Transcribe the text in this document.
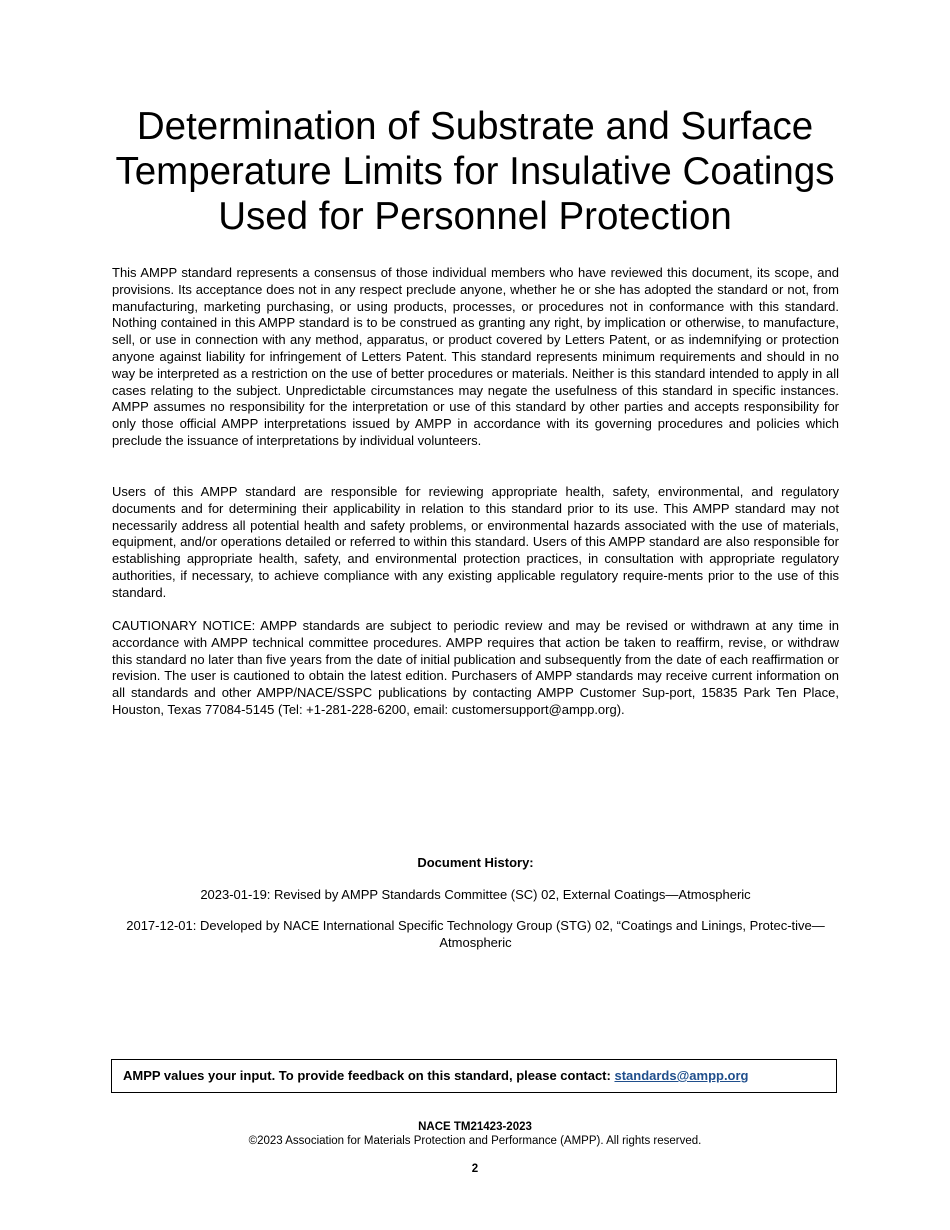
Determination of Substrate and Surface
Temperature Limits for Insulative Coatings
Used for Personnel Protection

This AMPP standard represents a consensus of those individual members who have reviewed this document, its scope, and provisions. Its acceptance does not in any respect preclude anyone, whether he or she has adopted the standard or not, from manufacturing, marketing purchasing, or using products, processes, or procedures not in conformance with this standard. Nothing contained in this AMPP standard is to be construed as granting any right, by implication or otherwise, to manufacture, sell, or use in connection with any method, apparatus, or product covered by Letters Patent, or as indemnifying or protection anyone against liability for infringement of Letters Patent. This standard represents minimum requirements and should in no way be interpreted as a restriction on the use of better procedures or materials. Neither is this standard intended to apply in all cases relating to the subject. Unpredictable circumstances may negate the usefulness of this standard in specific instances. AMPP assumes no responsibility for the interpretation or use of this standard by other parties and accepts responsibility for only those official AMPP interpretations issued by AMPP in accordance with its governing procedures and policies which preclude the issuance of interpretations by individual volunteers.

Users of this AMPP standard are responsible for reviewing appropriate health, safety, environmental, and regulatory documents and for determining their applicability in relation to this standard prior to its use. This AMPP standard may not necessarily address all potential health and safety problems, or environmental hazards associated with the use of materials, equipment, and/or operations detailed or referred to within this standard. Users of this AMPP standard are also responsible for establishing appropriate health, safety, and environmental protection practices, in consultation with appropriate regulatory authorities, if necessary, to achieve compliance with any existing applicable regulatory require-ments prior to the use of this standard.

CAUTIONARY NOTICE: AMPP standards are subject to periodic review and may be revised or withdrawn at any time in accordance with AMPP technical committee procedures. AMPP requires that action be taken to reaffirm, revise, or withdraw this standard no later than five years from the date of initial publication and subsequently from the date of each reaffirmation or revision. The user is cautioned to obtain the latest edition. Purchasers of AMPP standards may receive current information on all standards and other AMPP/NACE/SSPC publications by contacting AMPP Customer Sup-port, 15835 Park Ten Place, Houston, Texas 77084-5145 (Tel: +1-281-228-6200, email: customersupport@ampp.org).

Document History:

2023-01-19: Revised by AMPP Standards Committee (SC) 02, External Coatings—Atmospheric

2017-12-01: Developed by NACE International Specific Technology Group (STG) 02, “Coatings and Linings, Protec-tive—Atmospheric

AMPP values your input. To provide feedback on this standard, please contact: standards@ampp.org

NACE TM21423-2023

©2023 Association for Materials Protection and Performance (AMPP). All rights reserved.

2
